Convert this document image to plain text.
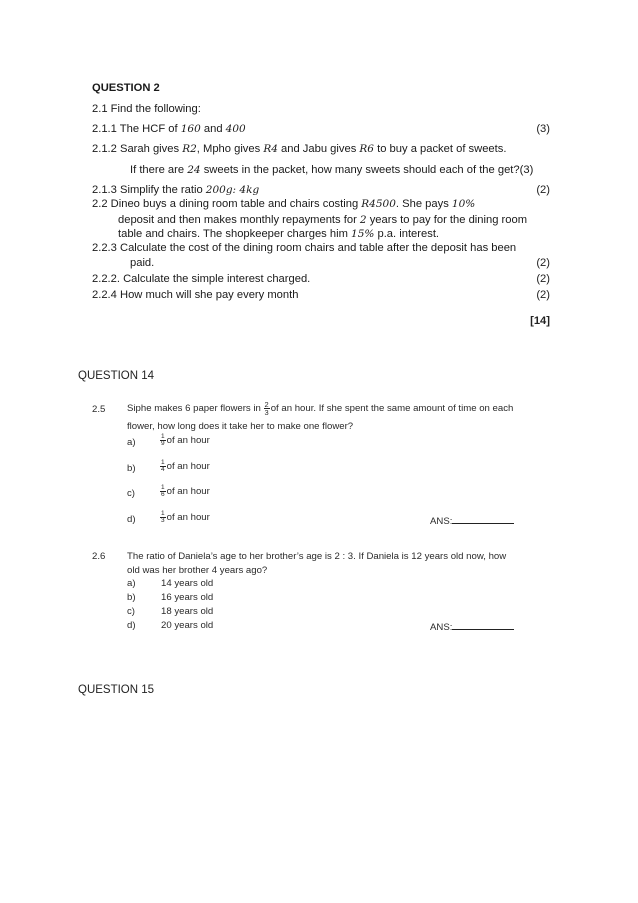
QUESTION 2
2.1 Find the following:
2.1.1 The HCF of 160 and 400	(3)
2.1.2 Sarah gives R2, Mpho gives R4 and Jabu gives R6 to buy a packet of sweets.
If there are 24 sweets in the packet, how many sweets should each of the get?(3)
2.1.3 Simplify the ratio 200g: 4kg	(2)
2.2 Dineo buys a dining room table and chairs costing R4500. She pays 10%
deposit and then makes monthly repayments for 2 years to pay for the dining room
table and chairs. The shopkeeper charges him 15% p.a. interest.
2.2.3 Calculate the cost of the dining room chairs and table after the deposit has been
paid.	(2)
2.2.2. Calculate the simple interest charged.	(2)
2.2.4 How much will she pay every month	(2)
[14]
QUESTION 14
2.5 Siphe makes 6 paper flowers in $\frac{2}{3}$ of an hour. If she spent the same amount of time on each
flower, how long does it take her to make one flower?
a)	$\frac{1}{9}$ of an hour
b)	$\frac{1}{4}$ of an hour
c)	$\frac{1}{6}$ of an hour
d)	$\frac{1}{3}$ of an hour	ANS:
2.6 The ratio of Daniela’s age to her brother’s age is 2 : 3. If Daniela is 12 years old now, how
old was her brother 4 years ago?
a)	14 years old
b)	16 years old
c)	18 years old
d)	20 years old	ANS:
QUESTION 15
